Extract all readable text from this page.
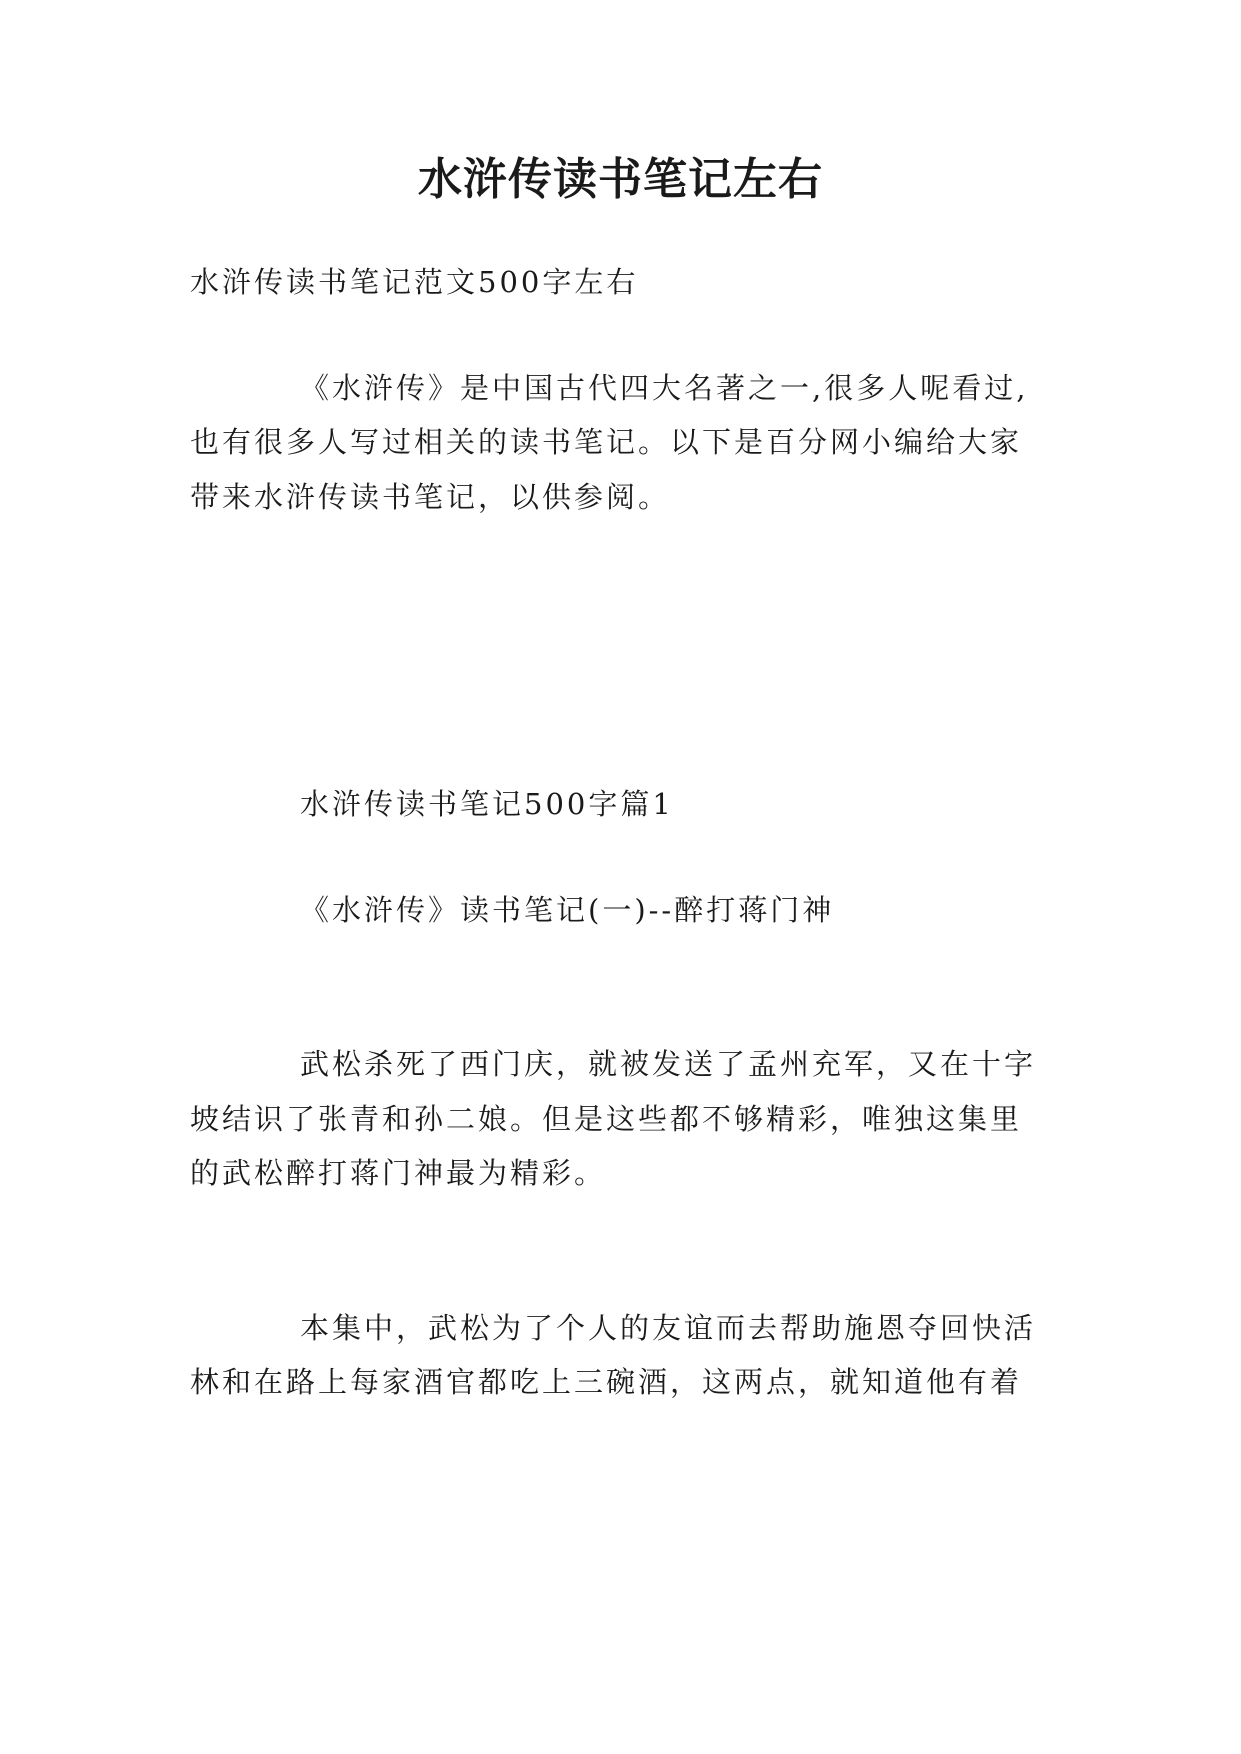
水浒传读书笔记左右
水浒传读书笔记范文500字左右
《水浒传》是中国古代四大名著之一,很多人呢看过,
也有很多人写过相关的读书笔记。以下是百分网小编给大家
带来水浒传读书笔记，以供参阅。
水浒传读书笔记500字篇1
《水浒传》读书笔记(一)--醉打蒋门神
武松杀死了西门庆，就被发送了孟州充军，又在十字
坡结识了张青和孙二娘。但是这些都不够精彩，唯独这集里
的武松醉打蒋门神最为精彩。
本集中，武松为了个人的友谊而去帮助施恩夺回快活
林和在路上每家酒官都吃上三碗酒，这两点，就知道他有着
